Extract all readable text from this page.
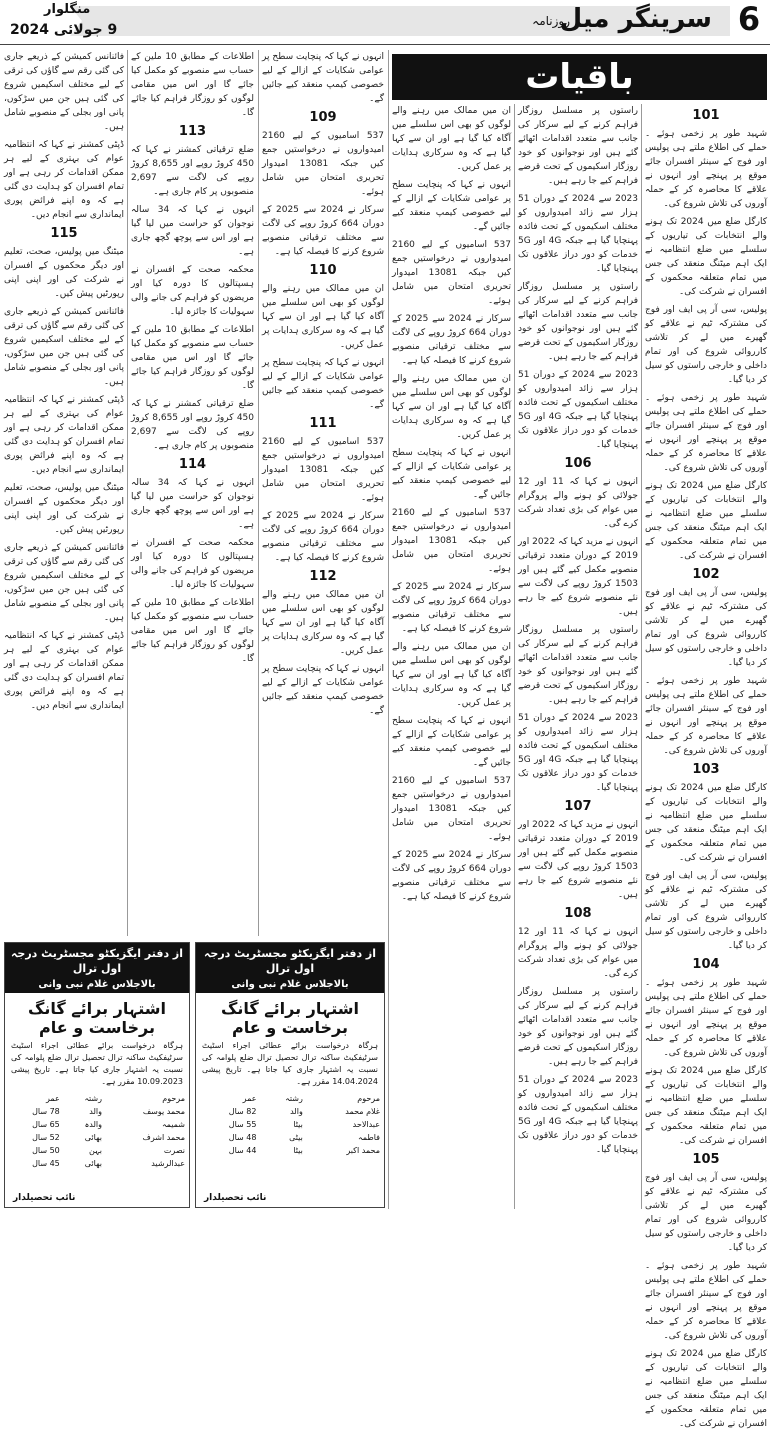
6
سرینگر میل
روزنامہ
منگلوار
9 جولائی 2024
باقیات
101

شہید طور پر زخمی ہوئے ۔ حملے کی اطلاع ملتے ہی پولیس اور فوج کے سینئر افسران جائے موقع پر پہنچے اور انہوں نے علاقے کا محاصرہ کر کے حملہ آوروں کی تلاش شروع کی۔

کارگل ضلع میں 2024 تک ہونے والے انتخابات کی تیاریوں کے سلسلے میں ضلع انتظامیہ نے ایک اہم میٹنگ منعقد کی جس میں تمام متعلقہ محکموں کے افسران نے شرکت کی۔

پولیس، سی آر پی ایف اور فوج کی مشترکہ ٹیم نے علاقے کو گھیرے میں لے کر تلاشی کارروائی شروع کی اور تمام داخلی و خارجی راستوں کو سیل کر دیا گیا۔

شہید طور پر زخمی ہوئے ۔ حملے کی اطلاع ملتے ہی پولیس اور فوج کے سینئر افسران جائے موقع پر پہنچے اور انہوں نے علاقے کا محاصرہ کر کے حملہ آوروں کی تلاش شروع کی۔

کارگل ضلع میں 2024 تک ہونے والے انتخابات کی تیاریوں کے سلسلے میں ضلع انتظامیہ نے ایک اہم میٹنگ منعقد کی جس میں تمام متعلقہ محکموں کے افسران نے شرکت کی۔

102

پولیس، سی آر پی ایف اور فوج کی مشترکہ ٹیم نے علاقے کو گھیرے میں لے کر تلاشی کارروائی شروع کی اور تمام داخلی و خارجی راستوں کو سیل کر دیا گیا۔

شہید طور پر زخمی ہوئے ۔ حملے کی اطلاع ملتے ہی پولیس اور فوج کے سینئر افسران جائے موقع پر پہنچے اور انہوں نے علاقے کا محاصرہ کر کے حملہ آوروں کی تلاش شروع کی۔

103

کارگل ضلع میں 2024 تک ہونے والے انتخابات کی تیاریوں کے سلسلے میں ضلع انتظامیہ نے ایک اہم میٹنگ منعقد کی جس میں تمام متعلقہ محکموں کے افسران نے شرکت کی۔

پولیس، سی آر پی ایف اور فوج کی مشترکہ ٹیم نے علاقے کو گھیرے میں لے کر تلاشی کارروائی شروع کی اور تمام داخلی و خارجی راستوں کو سیل کر دیا گیا۔

104

شہید طور پر زخمی ہوئے ۔ حملے کی اطلاع ملتے ہی پولیس اور فوج کے سینئر افسران جائے موقع پر پہنچے اور انہوں نے علاقے کا محاصرہ کر کے حملہ آوروں کی تلاش شروع کی۔

کارگل ضلع میں 2024 تک ہونے والے انتخابات کی تیاریوں کے سلسلے میں ضلع انتظامیہ نے ایک اہم میٹنگ منعقد کی جس میں تمام متعلقہ محکموں کے افسران نے شرکت کی۔

105

پولیس، سی آر پی ایف اور فوج کی مشترکہ ٹیم نے علاقے کو گھیرے میں لے کر تلاشی کارروائی شروع کی اور تمام داخلی و خارجی راستوں کو سیل کر دیا گیا۔

شہید طور پر زخمی ہوئے ۔ حملے کی اطلاع ملتے ہی پولیس اور فوج کے سینئر افسران جائے موقع پر پہنچے اور انہوں نے علاقے کا محاصرہ کر کے حملہ آوروں کی تلاش شروع کی۔

کارگل ضلع میں 2024 تک ہونے والے انتخابات کی تیاریوں کے سلسلے میں ضلع انتظامیہ نے ایک اہم میٹنگ منعقد کی جس میں تمام متعلقہ محکموں کے افسران نے شرکت کی۔

راستوں پر مسلسل روزگار فراہم کرنے کے لیے سرکار کی جانب سے متعدد اقدامات اٹھائے گئے ہیں اور نوجوانوں کو خود روزگار اسکیموں کے تحت قرضے فراہم کیے جا رہے ہیں۔

2023 سے 2024 کے دوران 51 ہزار سے زائد امیدواروں کو مختلف اسکیموں کے تحت فائدہ پہنچایا گیا ہے جبکہ 4G اور 5G خدمات کو دور دراز علاقوں تک پہنچایا گیا۔

راستوں پر مسلسل روزگار فراہم کرنے کے لیے سرکار کی جانب سے متعدد اقدامات اٹھائے گئے ہیں اور نوجوانوں کو خود روزگار اسکیموں کے تحت قرضے فراہم کیے جا رہے ہیں۔

2023 سے 2024 کے دوران 51 ہزار سے زائد امیدواروں کو مختلف اسکیموں کے تحت فائدہ پہنچایا گیا ہے جبکہ 4G اور 5G خدمات کو دور دراز علاقوں تک پہنچایا گیا۔

106

انہوں نے کہا کہ 11 اور 12 جولائی کو ہونے والے پروگرام میں عوام کی بڑی تعداد شرکت کرے گی۔

انہوں نے مزید کہا کہ 2022 اور 2019 کے دوران متعدد ترقیاتی منصوبے مکمل کیے گئے ہیں اور 1503 کروڑ روپے کی لاگت سے نئے منصوبے شروع کیے جا رہے ہیں۔

راستوں پر مسلسل روزگار فراہم کرنے کے لیے سرکار کی جانب سے متعدد اقدامات اٹھائے گئے ہیں اور نوجوانوں کو خود روزگار اسکیموں کے تحت قرضے فراہم کیے جا رہے ہیں۔

2023 سے 2024 کے دوران 51 ہزار سے زائد امیدواروں کو مختلف اسکیموں کے تحت فائدہ پہنچایا گیا ہے جبکہ 4G اور 5G خدمات کو دور دراز علاقوں تک پہنچایا گیا۔

107

انہوں نے مزید کہا کہ 2022 اور 2019 کے دوران متعدد ترقیاتی منصوبے مکمل کیے گئے ہیں اور 1503 کروڑ روپے کی لاگت سے نئے منصوبے شروع کیے جا رہے ہیں۔

108

انہوں نے کہا کہ 11 اور 12 جولائی کو ہونے والے پروگرام میں عوام کی بڑی تعداد شرکت کرے گی۔

راستوں پر مسلسل روزگار فراہم کرنے کے لیے سرکار کی جانب سے متعدد اقدامات اٹھائے گئے ہیں اور نوجوانوں کو خود روزگار اسکیموں کے تحت قرضے فراہم کیے جا رہے ہیں۔

2023 سے 2024 کے دوران 51 ہزار سے زائد امیدواروں کو مختلف اسکیموں کے تحت فائدہ پہنچایا گیا ہے جبکہ 4G اور 5G خدمات کو دور دراز علاقوں تک پہنچایا گیا۔

ان میں ممالک میں رہنے والے لوگوں کو بھی اس سلسلے میں آگاہ کیا گیا ہے اور ان سے کہا گیا ہے کہ وہ سرکاری ہدایات پر عمل کریں۔

انہوں نے کہا کہ پنچایت سطح پر عوامی شکایات کے ازالے کے لیے خصوصی کیمپ منعقد کیے جائیں گے۔

537 اسامیوں کے لیے 2160 امیدواروں نے درخواستیں جمع کیں جبکہ 13081 امیدوار تحریری امتحان میں شامل ہوئے۔

سرکار نے 2024 سے 2025 کے دوران 664 کروڑ روپے کی لاگت سے مختلف ترقیاتی منصوبے شروع کرنے کا فیصلہ کیا ہے۔

ان میں ممالک میں رہنے والے لوگوں کو بھی اس سلسلے میں آگاہ کیا گیا ہے اور ان سے کہا گیا ہے کہ وہ سرکاری ہدایات پر عمل کریں۔

انہوں نے کہا کہ پنچایت سطح پر عوامی شکایات کے ازالے کے لیے خصوصی کیمپ منعقد کیے جائیں گے۔

537 اسامیوں کے لیے 2160 امیدواروں نے درخواستیں جمع کیں جبکہ 13081 امیدوار تحریری امتحان میں شامل ہوئے۔

سرکار نے 2024 سے 2025 کے دوران 664 کروڑ روپے کی لاگت سے مختلف ترقیاتی منصوبے شروع کرنے کا فیصلہ کیا ہے۔

ان میں ممالک میں رہنے والے لوگوں کو بھی اس سلسلے میں آگاہ کیا گیا ہے اور ان سے کہا گیا ہے کہ وہ سرکاری ہدایات پر عمل کریں۔

انہوں نے کہا کہ پنچایت سطح پر عوامی شکایات کے ازالے کے لیے خصوصی کیمپ منعقد کیے جائیں گے۔

537 اسامیوں کے لیے 2160 امیدواروں نے درخواستیں جمع کیں جبکہ 13081 امیدوار تحریری امتحان میں شامل ہوئے۔

سرکار نے 2024 سے 2025 کے دوران 664 کروڑ روپے کی لاگت سے مختلف ترقیاتی منصوبے شروع کرنے کا فیصلہ کیا ہے۔

انہوں نے کہا کہ پنچایت سطح پر عوامی شکایات کے ازالے کے لیے خصوصی کیمپ منعقد کیے جائیں گے۔

109

537 اسامیوں کے لیے 2160 امیدواروں نے درخواستیں جمع کیں جبکہ 13081 امیدوار تحریری امتحان میں شامل ہوئے۔

سرکار نے 2024 سے 2025 کے دوران 664 کروڑ روپے کی لاگت سے مختلف ترقیاتی منصوبے شروع کرنے کا فیصلہ کیا ہے۔

110

ان میں ممالک میں رہنے والے لوگوں کو بھی اس سلسلے میں آگاہ کیا گیا ہے اور ان سے کہا گیا ہے کہ وہ سرکاری ہدایات پر عمل کریں۔

انہوں نے کہا کہ پنچایت سطح پر عوامی شکایات کے ازالے کے لیے خصوصی کیمپ منعقد کیے جائیں گے۔

111

537 اسامیوں کے لیے 2160 امیدواروں نے درخواستیں جمع کیں جبکہ 13081 امیدوار تحریری امتحان میں شامل ہوئے۔

سرکار نے 2024 سے 2025 کے دوران 664 کروڑ روپے کی لاگت سے مختلف ترقیاتی منصوبے شروع کرنے کا فیصلہ کیا ہے۔

112

ان میں ممالک میں رہنے والے لوگوں کو بھی اس سلسلے میں آگاہ کیا گیا ہے اور ان سے کہا گیا ہے کہ وہ سرکاری ہدایات پر عمل کریں۔

انہوں نے کہا کہ پنچایت سطح پر عوامی شکایات کے ازالے کے لیے خصوصی کیمپ منعقد کیے جائیں گے۔

اطلاعات کے مطابق 10 ملین کے حساب سے منصوبے کو مکمل کیا جائے گا اور اس میں مقامی لوگوں کو روزگار فراہم کیا جائے گا۔

113

ضلع ترقیاتی کمشنر نے کہا کہ 450 کروڑ روپے اور 8,655 کروڑ روپے کی لاگت سے 2,697 منصوبوں پر کام جاری ہے۔

انہوں نے کہا کہ 34 سالہ نوجوان کو حراست میں لیا گیا ہے اور اس سے پوچھ گچھ جاری ہے۔

محکمہ صحت کے افسران نے ہسپتالوں کا دورہ کیا اور مریضوں کو فراہم کی جانے والی سہولیات کا جائزہ لیا۔

اطلاعات کے مطابق 10 ملین کے حساب سے منصوبے کو مکمل کیا جائے گا اور اس میں مقامی لوگوں کو روزگار فراہم کیا جائے گا۔

ضلع ترقیاتی کمشنر نے کہا کہ 450 کروڑ روپے اور 8,655 کروڑ روپے کی لاگت سے 2,697 منصوبوں پر کام جاری ہے۔

114

انہوں نے کہا کہ 34 سالہ نوجوان کو حراست میں لیا گیا ہے اور اس سے پوچھ گچھ جاری ہے۔

محکمہ صحت کے افسران نے ہسپتالوں کا دورہ کیا اور مریضوں کو فراہم کی جانے والی سہولیات کا جائزہ لیا۔

اطلاعات کے مطابق 10 ملین کے حساب سے منصوبے کو مکمل کیا جائے گا اور اس میں مقامی لوگوں کو روزگار فراہم کیا جائے گا۔

فائنانس کمیشن کے ذریعے جاری کی گئی رقم سے گاؤں کی ترقی کے لیے مختلف اسکیمیں شروع کی گئی ہیں جن میں سڑکوں، پانی اور بجلی کے منصوبے شامل ہیں۔

ڈپٹی کمشنر نے کہا کہ انتظامیہ عوام کی بہتری کے لیے ہر ممکن اقدامات کر رہی ہے اور تمام افسران کو ہدایت دی گئی ہے کہ وہ اپنے فرائض پوری ایمانداری سے انجام دیں۔

115

میٹنگ میں پولیس، صحت، تعلیم اور دیگر محکموں کے افسران نے شرکت کی اور اپنی اپنی رپورٹیں پیش کیں۔

فائنانس کمیشن کے ذریعے جاری کی گئی رقم سے گاؤں کی ترقی کے لیے مختلف اسکیمیں شروع کی گئی ہیں جن میں سڑکوں، پانی اور بجلی کے منصوبے شامل ہیں۔

ڈپٹی کمشنر نے کہا کہ انتظامیہ عوام کی بہتری کے لیے ہر ممکن اقدامات کر رہی ہے اور تمام افسران کو ہدایت دی گئی ہے کہ وہ اپنے فرائض پوری ایمانداری سے انجام دیں۔

میٹنگ میں پولیس، صحت، تعلیم اور دیگر محکموں کے افسران نے شرکت کی اور اپنی اپنی رپورٹیں پیش کیں۔

فائنانس کمیشن کے ذریعے جاری کی گئی رقم سے گاؤں کی ترقی کے لیے مختلف اسکیمیں شروع کی گئی ہیں جن میں سڑکوں، پانی اور بجلی کے منصوبے شامل ہیں۔

ڈپٹی کمشنر نے کہا کہ انتظامیہ عوام کی بہتری کے لیے ہر ممکن اقدامات کر رہی ہے اور تمام افسران کو ہدایت دی گئی ہے کہ وہ اپنے فرائض پوری ایمانداری سے انجام دیں۔

از دفتر ایگزیکٹو مجسٹریٹ درجہ اول ترال
بالاجلاس غلام نبی وانی
اشتہار برائے گانگ برخاست و عام
ہرگاہ درخواست برائے عطائی اجراء اسٹیٹ سرٹیفکیٹ ساکنہ ترال تحصیل ترال ضلع پلوامہ کی نسبت یہ اشتہار جاری کیا جاتا ہے۔ تاریخ پیشی 14.04.2024 مقرر ہے۔
مرحوم	رشتہ	عمر
غلام محمد	والد	82 سال
عبدالاحد	بیٹا	55 سال
فاطمہ	بیٹی	48 سال
محمد اکبر	بیٹا	44 سال
نائب تحصیلدار
از دفتر ایگزیکٹو مجسٹریٹ درجہ اول ترال
بالاجلاس غلام نبی وانی
اشتہار برائے گانگ برخاست و عام
ہرگاہ درخواست برائے عطائی اجراء اسٹیٹ سرٹیفکیٹ ساکنہ ترال تحصیل ترال ضلع پلوامہ کی نسبت یہ اشتہار جاری کیا جاتا ہے۔ تاریخ پیشی 10.09.2023 مقرر ہے۔
مرحوم	رشتہ	عمر
محمد یوسف	والد	78 سال
شمیمہ	والدہ	65 سال
محمد اشرف	بھائی	52 سال
نصرت	بہن	50 سال
عبدالرشید	بھائی	45 سال
نائب تحصیلدار
